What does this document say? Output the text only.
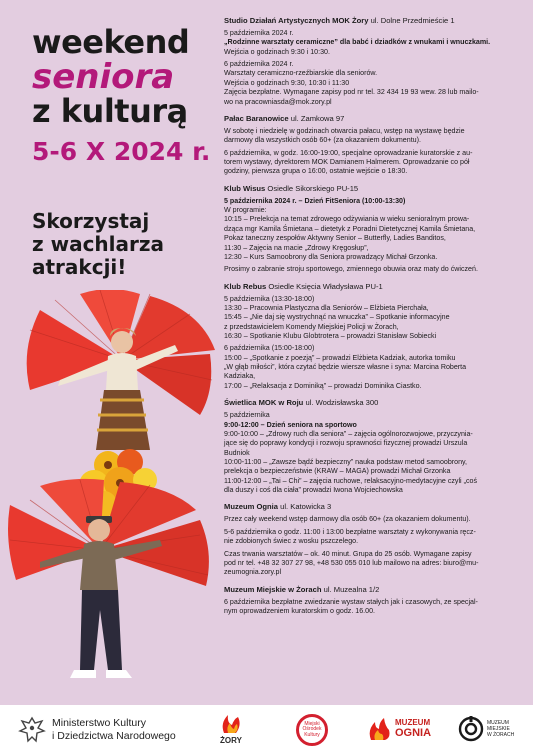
weekend
seniora
z kulturą
5-6 X 2024 r.
Skorzystaj
z wachlarza
atrakcji!
Studio Działań Artystycznych MOK Żory ul. Dolne Przedmieście 1
5 października 2024 r.
„Rodzinne warsztaty ceramiczne” dla babć i dziadków z wnukami i wnuczkami.
Wejścia o godzinach 9:30 i 10:30.
6 października 2024 r.
Warsztaty ceramiczno-rzeźbiarskie dla seniorów.
Wejścia o godzinach 9:30, 10:30 i 11:30
Zajęcia bezpłatne. Wymagane zapisy pod nr tel. 32 434 19 93 wew. 28 lub mailo-
wo na pracowniasda@mok.zory.pl
Pałac Baranowice ul. Zamkowa 97
W sobotę i niedzielę w godzinach otwarcia pałacu, wstęp na wystawę będzie
darmowy dla wszystkich osób 60+ (za okazaniem dokumentu).
6 października, w godz. 16:00-19:00, specjalne oprowadzanie kuratorskie z au-
torem wystawy, dyrektorem MOK Damianem Halmerem. Oprowadzanie co pół
godziny, pierwsza grupa o 16:00, ostatnie wejście o 18:30.
Klub Wisus Osiedle Sikorskiego PU-15
5 października 2024 r. – Dzień FitSeniora (10:00-13:30)
W programie:
10:15 – Prelekcja na temat zdrowego odżywiania w wieku senioralnym prowa-
dząca mgr Kamila Śmietana – dietetyk z Poradni Dietetycznej Kamila Śmietana,
Pokaz taneczny zespołów Aktywny Senior – Butterfly, Ladies Banditos,
11:30 – Zajęcia na macie „Zdrowy Kręgosłup”,
12:30 – Kurs Samoobrony dla Seniora prowadzący Michał Grzonka.
Prosimy o zabranie stroju sportowego, zmiennego obuwia oraz maty do ćwiczeń.
Klub Rebus Osiedle Księcia Władysława PU-1
5 października (13:30-18:00)
13:30 – Pracownia Plastyczna dla Seniorów – Elżbieta Pierchała,
15:45 – „Nie daj się wystrychnąć na wnuczka” – Spotkanie informacyjne
z przedstawicielem Komendy Miejskiej Policji w Żorach,
16:30 – Spotkanie Klubu Globtrotera – prowadzi Stanisław Sobiecki
6 października (15:00-18:00)
15:00 – „Spotkanie z poezją” – prowadzi Elżbieta Kadziak, autorka tomiku
„W głąb miłości”, która czytać będzie wiersze własne i syna: Marcina Roberta
Kadziaka,
17:00 – „Relaksacja z Dominiką” – prowadzi Dominika Ciastko.
Świetlica MOK w Roju ul. Wodzisławska 300
5 października
9:00-12:00 – Dzień seniora na sportowo
9:00-10:00 – „Zdrowy ruch dla seniora” – zajęcia ogólnorozwojowe, przyczynia-
jące się do poprawy kondycji i rozwoju sprawności fizycznej prowadzi Urszula
Budniok
10:00-11:00 – „Zawsze bądź bezpieczny” nauka podstaw metod samoobrony,
prelekcja o bezpieczeństwie (KRAW – MAGA) prowadzi Michał Grzonka
11:00-12:00 – „Tai – Chi” – zajęcia ruchowe, relaksacyjno-medytacyjne czyli „coś
dla duszy i coś dla ciała” prowadzi Iwona Wojciechowska
Muzeum Ognia ul. Katowicka 3
Przez cały weekend wstęp darmowy dla osób 60+ (za okazaniem dokumentu).
5-6 października o godz. 11:00 i 13:00 bezpłatne warsztaty z wykonywania ręcz-
nie zdobionych świec z wosku pszczelego.
Czas trwania warsztatów – ok. 40 minut. Grupa do 25 osób. Wymagane zapisy
pod nr tel. +48 32 307 27 98, +48 530 055 010 lub mailowo na adres: biuro@mu-
zeumognia.zory.pl
Muzeum Miejskie w Żorach ul. Muzealna 1/2
6 października bezpłatne zwiedzanie wystaw stałych jak i czasowych, ze specjal-
nym oprowadzeniem kuratorskim o godz. 16.00.
Ministerstwo Kultury
i Dziedzictwa Narodowego	ŻORY
Miejski
Ośrodek
Kultury
MUZEUM
OGNIA
MUZEUM
MIEJSKIE
W ŻORACH
